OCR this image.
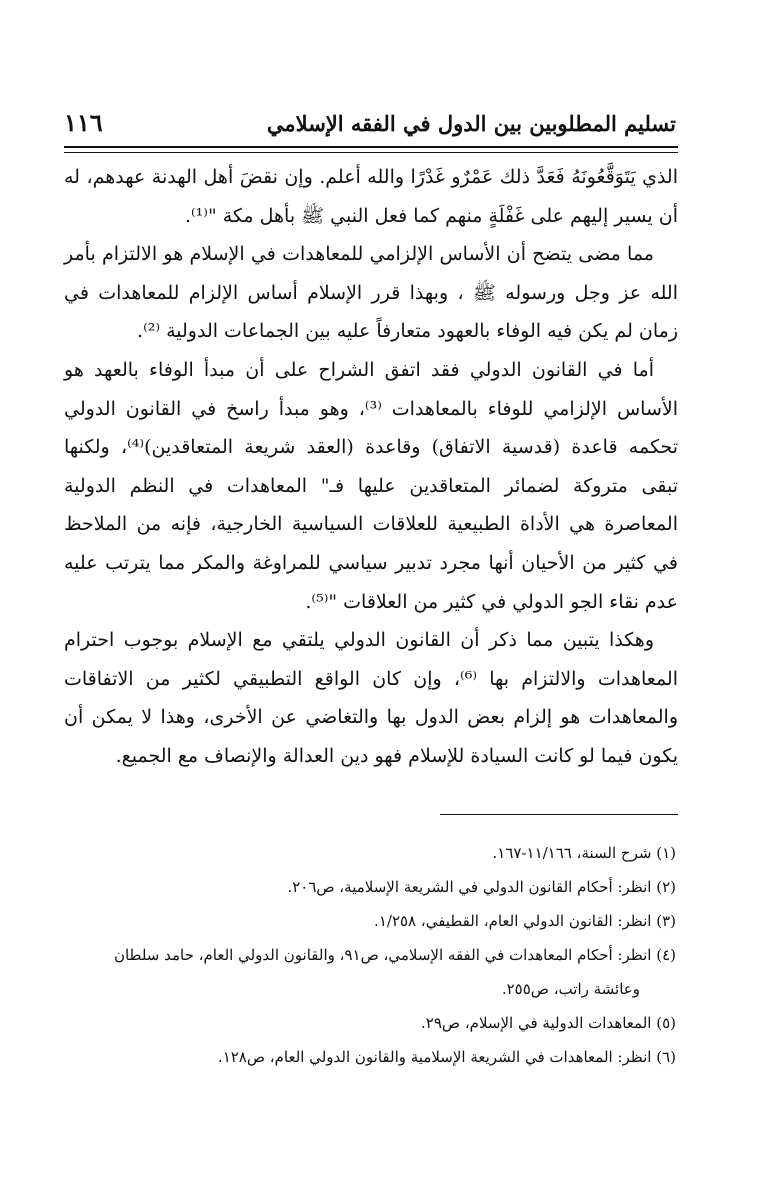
تسليم المطلوبين بين الدول في الفقه الإسلامي
١١٦

الذي يَتَوَقَّعُونَهُ فَعَدَّ ذلك عَمْرٌو غَدْرًا والله أعلم. وإن نقضَ أهل الهدنة عهدهم، له أن يسير إليهم على غَفْلَةٍ منهم كما فعل النبي ﷺ بأهل مكة "⁽¹⁾.

مما مضى يتضح أن الأساس الإلزامي للمعاهدات في الإسلام هو الالتزام بأمر الله عز وجل ورسوله ﷺ ، وبهذا قرر الإسلام أساس الإلزام للمعاهدات في زمان لم يكن فيه الوفاء بالعهود متعارفاً عليه بين الجماعات الدولية ⁽²⁾.

أما في القانون الدولي فقد اتفق الشراح على أن مبدأ الوفاء بالعهد هو الأساس الإلزامي للوفاء بالمعاهدات ⁽³⁾، وهو مبدأ راسخ في القانون الدولي تحكمه قاعدة (قدسية الاتفاق) وقاعدة (العقد شريعة المتعاقدين)⁽⁴⁾، ولكنها تبقى متروكة لضمائر المتعاقدين عليها فـ" المعاهدات في النظم الدولية المعاصرة هي الأداة الطبيعية للعلاقات السياسية الخارجية، فإنه من الملاحظ في كثير من الأحيان أنها مجرد تدبير سياسي للمراوغة والمكر مما يترتب عليه عدم نقاء الجو الدولي في كثير من العلاقات "⁽⁵⁾.

وهكذا يتبين مما ذكر أن القانون الدولي يلتقي مع الإسلام بوجوب احترام المعاهدات والالتزام بها ⁽⁶⁾، وإن كان الواقع التطبيقي لكثير من الاتفاقات والمعاهدات هو إلزام بعض الدول بها والتغاضي عن الأخرى، وهذا لا يمكن أن يكون فيما لو كانت السيادة للإسلام فهو دين العدالة والإنصاف مع الجميع.

(١) شرح السنة، ١١/١٦٦-١٦٧.

(٢) انظر: أحكام القانون الدولي في الشريعة الإسلامية، ص٢٠٦.

(٣) انظر: القانون الدولي العام، القطيفي، ١/٢٥٨.

(٤) انظر: أحكام المعاهدات في الفقه الإسلامي، ص٩١، والقانون الدولي العام، حامد سلطان

وعائشة راتب، ص٢٥٥.

(٥) المعاهدات الدولية في الإسلام، ص٢٩.

(٦) انظر: المعاهدات في الشريعة الإسلامية والقانون الدولي العام، ص١٢٨.
